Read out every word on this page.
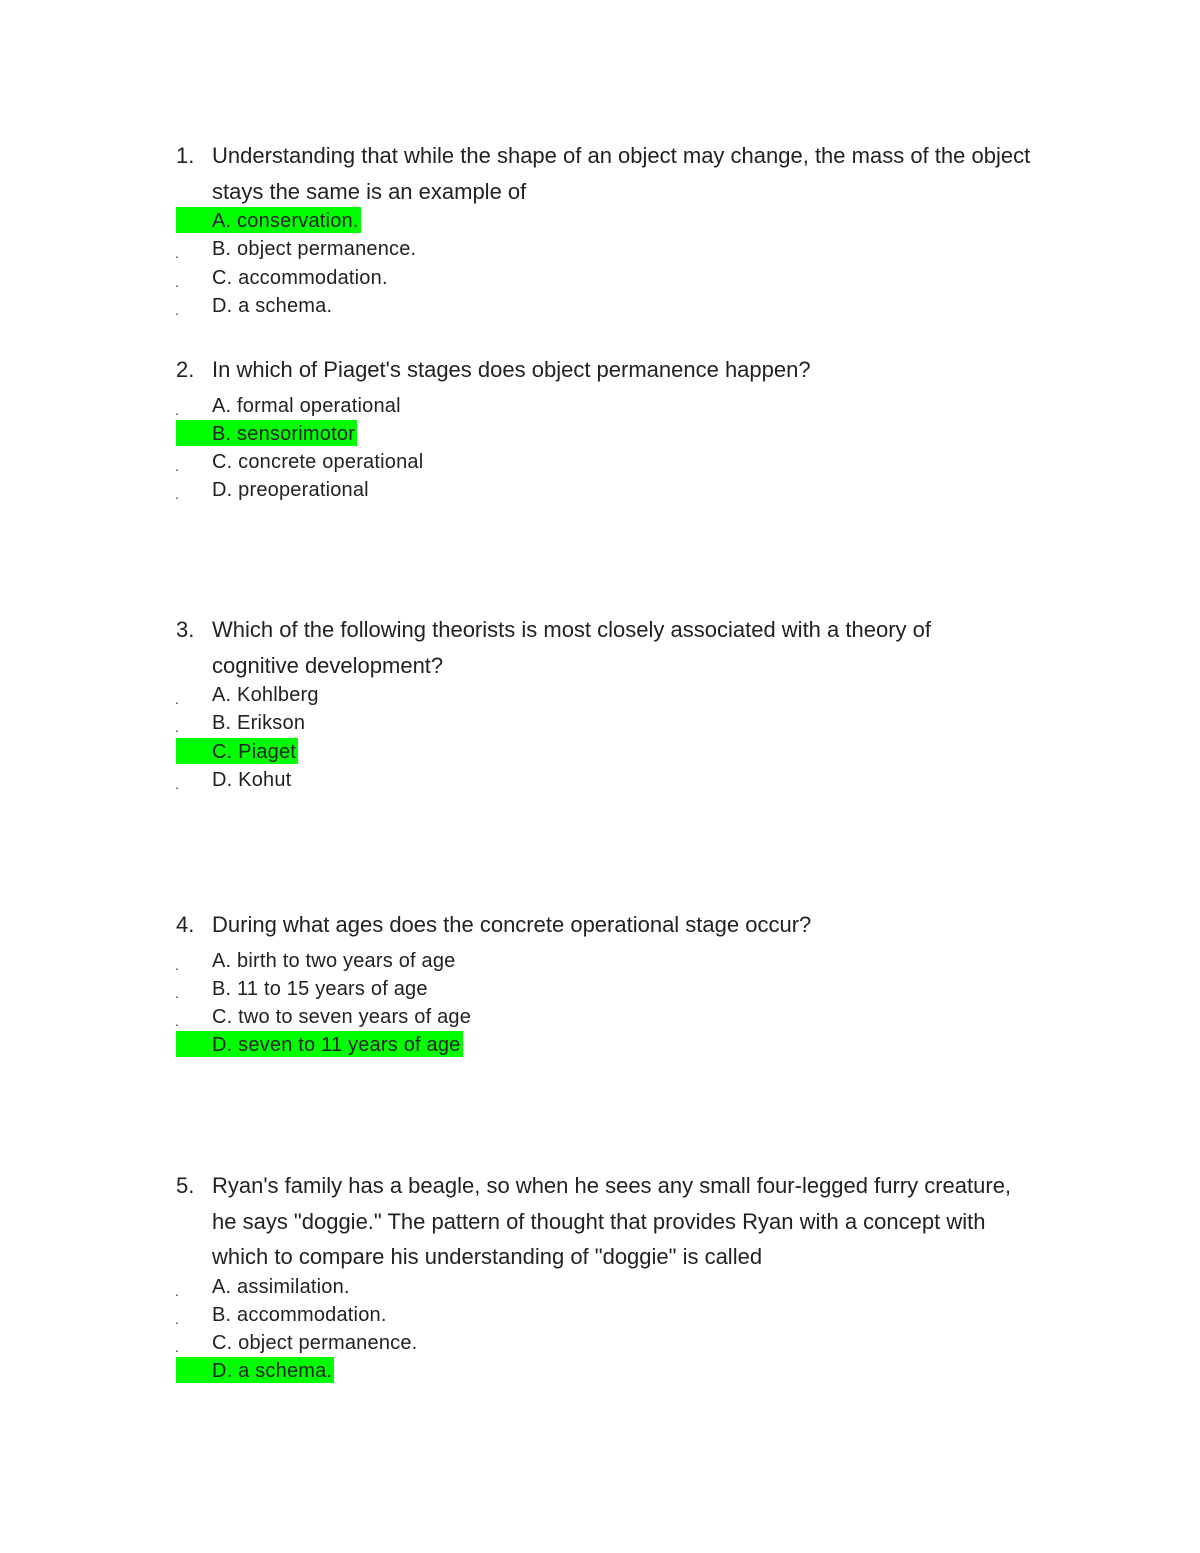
1. Understanding that while the shape of an object may change, the mass of the object stays the same is an example of
A. conservation.
. B. object permanence.
. C. accommodation.
. D. a schema.
2. In which of Piaget's stages does object permanence happen?
. A. formal operational
B. sensorimotor
. C. concrete operational
. D. preoperational
3. Which of the following theorists is most closely associated with a theory of cognitive development?
. A. Kohlberg
. B. Erikson
C. Piaget
. D. Kohut
4. During what ages does the concrete operational stage occur?
. A. birth to two years of age
. B. 11 to 15 years of age
. C. two to seven years of age
D. seven to 11 years of age
5. Ryan's family has a beagle, so when he sees any small four-legged furry creature, he says "doggie." The pattern of thought that provides Ryan with a concept with which to compare his understanding of "doggie" is called
. A. assimilation.
. B. accommodation.
. C. object permanence.
D. a schema.
